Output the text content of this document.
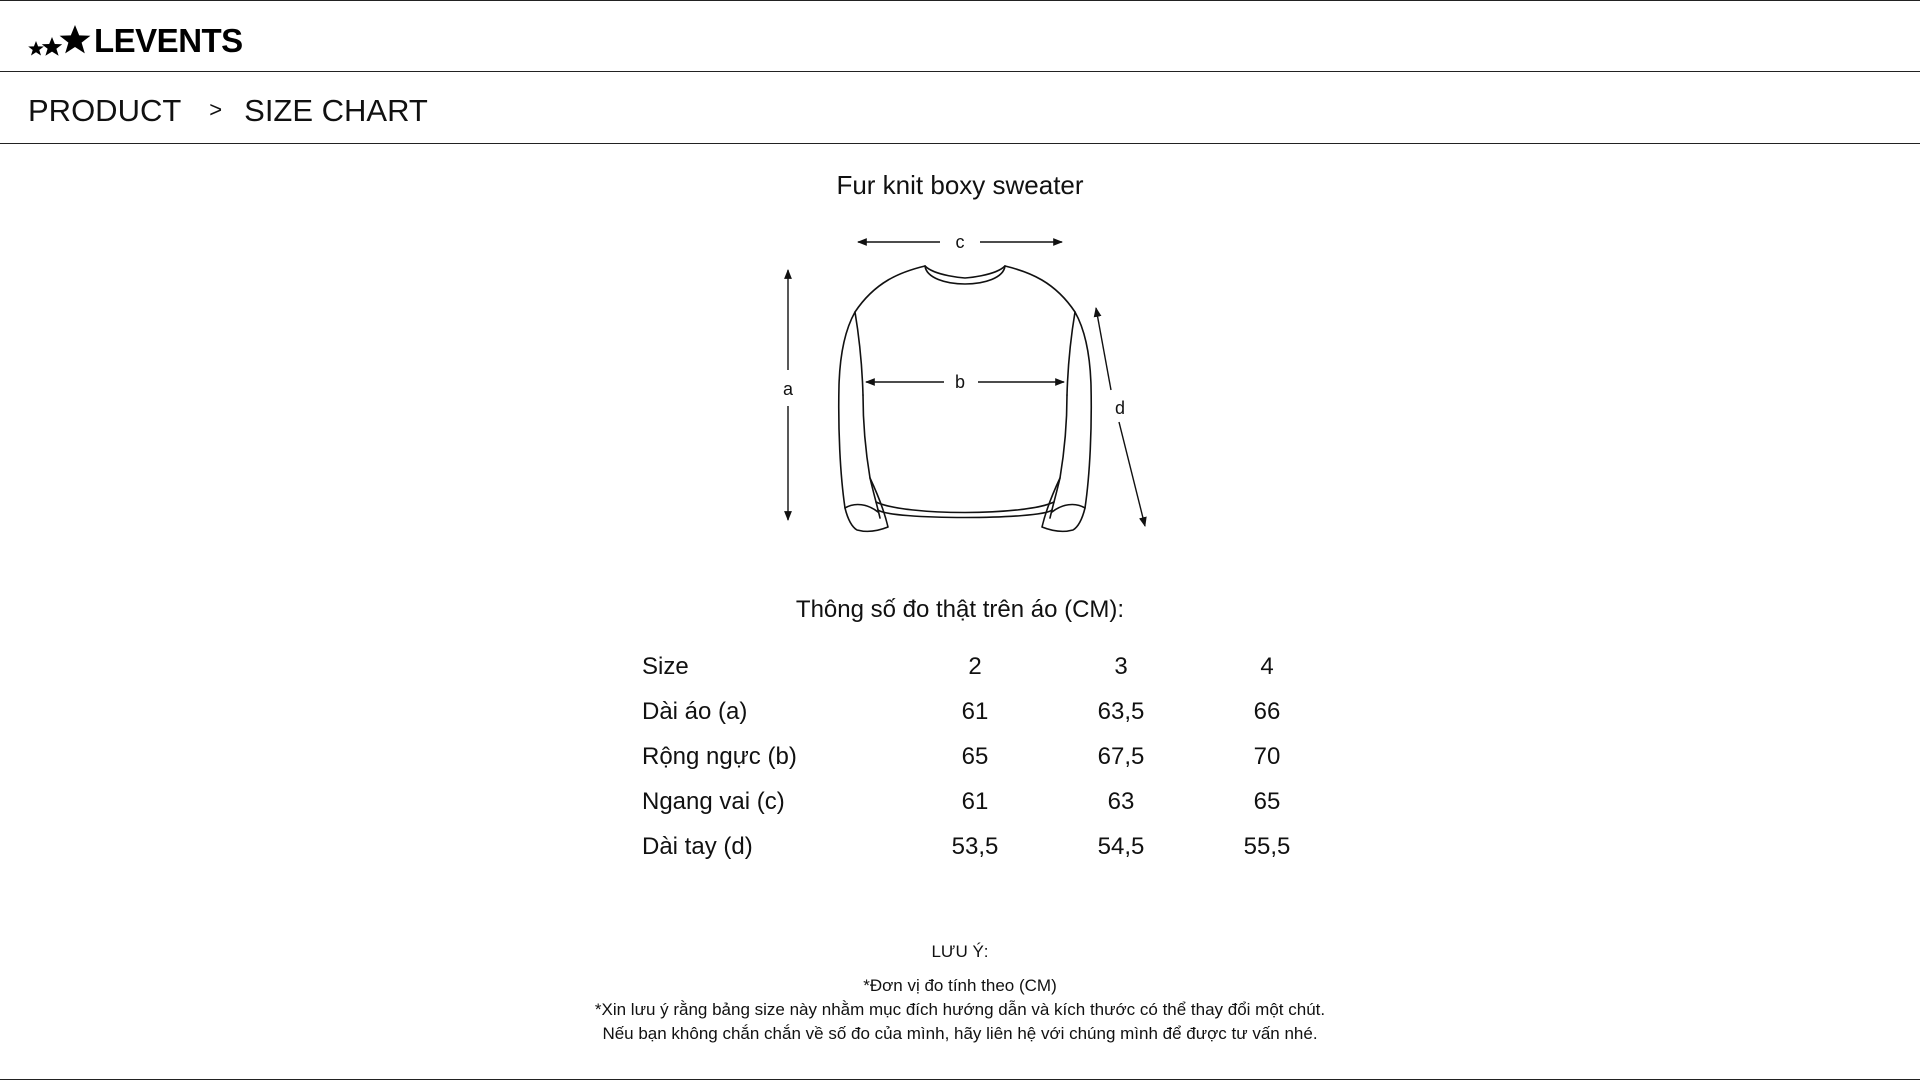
LEVENTS
PRODUCT > SIZE CHART
Fur knit boxy sweater
c
b
a
d
Thông số đo thật trên áo (CM):
Size	2	3	4
Dài áo (a)	61	63,5	66
Rộng ngực (b)	65	67,5	70
Ngang vai (c)	61	63	65
Dài tay (d)	53,5	54,5	55,5
LƯU Ý:
*Đơn vị đo tính theo (CM)
*Xin lưu ý rằng bảng size này nhằm mục đích hướng dẫn và kích thước có thể thay đổi một chút.
Nếu bạn không chắn chắn về số đo của mình, hãy liên hệ với chúng mình để được tư vấn nhé.
